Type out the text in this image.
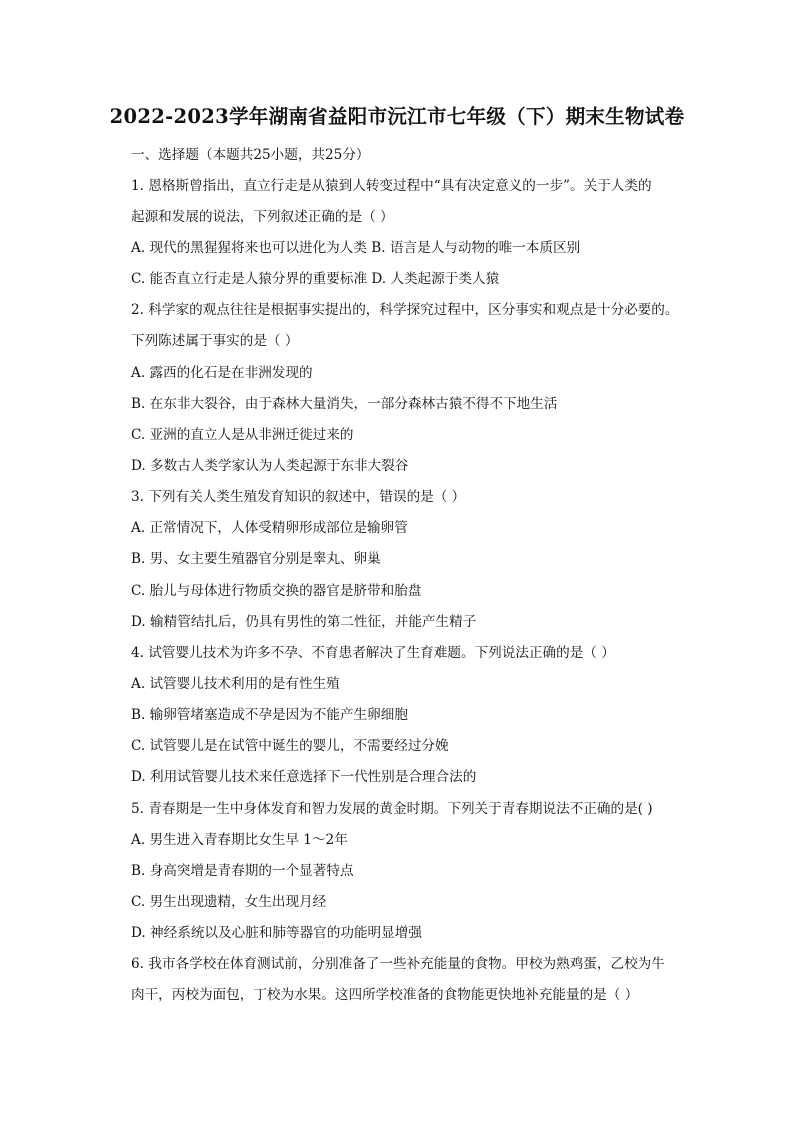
2022-2023学年湖南省益阳市沅江市七年级（下）期末生物试卷
一、选择题（本题共25小题，共25分）
1. 恩格斯曾指出，直立行走是从猿到人转变过程中“具有决定意义的一步”。关于人类的
起源和发展的说法，下列叙述正确的是（ ）
A. 现代的黑猩猩将来也可以进化为人类 B. 语言是人与动物的唯一本质区别
C. 能否直立行走是人猿分界的重要标准 D. 人类起源于类人猿
2. 科学家的观点往往是根据事实提出的，科学探究过程中，区分事实和观点是十分必要的。
下列陈述属于事实的是（ ）
A. 露西的化石是在非洲发现的
B. 在东非大裂谷，由于森林大量消失，一部分森林古猿不得不下地生活
C. 亚洲的直立人是从非洲迁徙过来的
D. 多数古人类学家认为人类起源于东非大裂谷
3. 下列有关人类生殖发育知识的叙述中，错误的是（ ）
A. 正常情况下，人体受精卵形成部位是输卵管
B. 男、女主要生殖器官分别是睾丸、卵巢
C. 胎儿与母体进行物质交换的器官是脐带和胎盘
D. 输精管结扎后，仍具有男性的第二性征，并能产生精子
4. 试管婴儿技术为许多不孕、不育患者解决了生育难题。下列说法正确的是（ ）
A. 试管婴儿技术利用的是有性生殖
B. 输卵管堵塞造成不孕是因为不能产生卵细胞
C. 试管婴儿是在试管中诞生的婴儿，不需要经过分娩
D. 利用试管婴儿技术来任意选择下一代性别是合理合法的
5. 青春期是一生中身体发育和智力发展的黄金时期。下列关于青春期说法不正确的是( )
A. 男生进入青春期比女生早 1～2年
B. 身高突增是青春期的一个显著特点
C. 男生出现遗精，女生出现月经
D. 神经系统以及心脏和肺等器官的功能明显增强
6. 我市各学校在体育测试前，分别准备了一些补充能量的食物。甲校为熟鸡蛋，乙校为牛
肉干，丙校为面包，丁校为水果。这四所学校准备的食物能更快地补充能量的是（ ）
